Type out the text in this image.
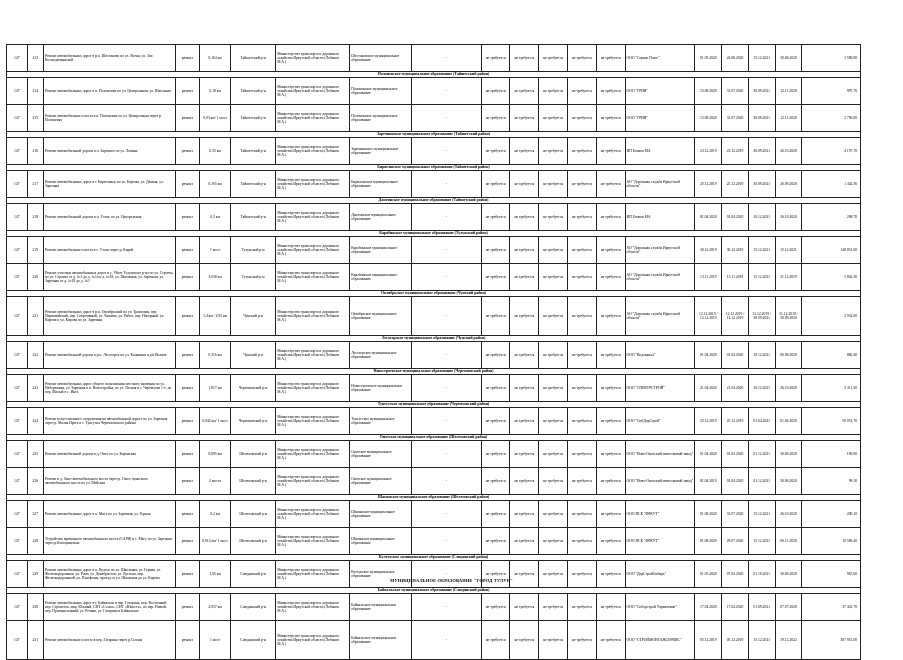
147	213	Ремонт автомобильных дорог в р.п. Шестаково по ул. Ясеня, ул. Зои Космодемьянской	ремонт	0,164 км	Тайшетский р-н	Министерство транспорта и дорожного хозяйства Иркутской области (Лобанов М.А.)	Шестаковское муниципальное образование	-	не требуется	не требуется	не требуется	не требуется	не требуется	ООО "Сервис Плюс"	01.05.2020	24.06.2020	15.12.2021	30.06.2020	1 590,00
Полоненское муниципальное образование (Тайшетский район)																			
147	214	Ремонт автомобильных дорог в п. Полонение по ул. Центральная, ул. Школьная	ремонт	0,18 км	Тайшетский р-н	Министерство транспорта и дорожного хозяйства Иркутской области (Лобанов М.А.)	Полоненское муниципальное образование	-	не требуется	не требуется	не требуется	не требуется	не требуется	ООО "ГРИН"	15.08.2020	31.07.2020	30.09.2021	12.11.2020	997,76
147	215	Ремонт автомобильного моста в п. Полонение по ул. Центральная через р. Полоненку	ремонт	0,03 км/ 1 мост	Тайшетский р-н	Министерство транспорта и дорожного хозяйства Иркутской области (Лобанов М.А.)	Полоненское муниципальное образование	-	не требуется	не требуется	не требуется	не требуется	не требуется	ООО "ГРИН"	15.08.2020	31.07.2020	30.09.2021	12.11.2020	2 750,00
Заречнинское муниципальное образование (Тайшетский район)																			
147	216	Ремонт автомобильной дороги в п. Заречное по ул. Ленина	ремонт	0,35 км	Тайшетский р-н	Министерство транспорта и дорожного хозяйства Иркутской области (Лобанов М.А.)	Заречнинское муниципальное образование	-	не требуется	не требуется	не требуется	не требуется	не требуется	ИП Бочков МА	23.12.2019	23.12.2019	30.09.2021	26.10.2020	4 197,70
Бирюсинское муниципальное образование (Тайшетский район)																			
147	217	Ремонт автомобильных дорог в г. Бирюсинск по ул. Березка, ул. Дачная, ул. Заречная	ремонт	0,165 км	Тайшетский р-н	Министерство транспорта и дорожного хозяйства Иркутской области (Лобанов М.А.)	Бирюсинское муниципальное образование	-	не требуется	не требуется	не требуется	не требуется	не требуется	АО "Дорожная служба Иркутской области"	25.12.2019	25.12.2019	30.09.2021	26.09.2020	1 442,56
Джогинское муниципальное образование (Тайшетский район)																			
147	218	Ремонт автомобильной дороги в п. Утонг по ул. Центральная	ремонт	0,3 км	Тайшетский р-н	Министерство транспорта и дорожного хозяйства Иркутской области (Лобанов М.А.)	Джогинское муниципальное образование	-	не требуется	не требуется	не требуется	не требуется	не требуется	ИП Бочков МА	01.04.2020	01.04.2020	10.12.2021	26.10.2020	298,70
Карабинское муниципальное образование (Тулунский район)																			
147	219	Ремонт автомобильного моста в с. Утонг через р. Кирей	ремонт	1 мост	Тулунский р-н	Министерство транспорта и дорожного хозяйства Иркутской области (Лобанов М.А.)	Карабинское муниципальное образование	-	не требуется	не требуется	не требуется	не требуется	не требуется	АО "Дорожная служба Иркутской области"	30.12.2019	30.12.2019	15.12.2021	15.12.2021	148 851,00
147	220	Ремонт участков автомобильных дорог в с. Уйгат Тулунского р-на по ул. Строека, по ул. Строека от д. №1 до д. №1а и д. №18, ул. Школьная, ул. Заречная, ул. Заречная от д. №18 до д. №1	ремонт	3,038 км	Тулунский р-н	Министерство транспорта и дорожного хозяйства Иркутской области (Лобанов М.А.)	Карабинское муниципальное образование	-	не требуется	не требуется	не требуется	не требуется	не требуется	АО "Дорожная служба Иркутской области"	13.11.2019	13.11.2019	15.12.2021	31.12.2019	5 842,30
Октябрьское муниципальное образование (Чунский район)																			
147	221	Ремонт автомобильных дорог в р.п. Октябрьский по ул. Трактовая, пер. Первомайский, пер. Спортивный, ул. Чапаева, ул. Рабоч, пер. Нагорный, ул. Кирова и ул. Кирова по ул. Заречная	ремонт	1,4 км / 4,95 км	Чунский р-н	Министерство транспорта и дорожного хозяйства Иркутской области (Лобанов М.А.)	Октябрьское муниципальное образование	-	не требуется	не требуется	не требуется	не требуется	не требуется	АО "Дорожная служба Иркутской области"	12.12.2019 / 12.12.2019	12.12.2019 / 12.12.2019	31.12.2019 / 30.09.2021	31.12.2019 / 30.09.2020	2 932,00
Лесогорское муниципальное образование (Чунский район)																			
147	222	Ремонт автомобильной дороги в р.п. Лесогорск по ул. Калинина в д/в Волков	ремонт	0,316 км	Чунский р-н	Министерство транспорта и дорожного хозяйства Иркутской области (Лобанов М.А.)	Лесогорское муниципальное образование	-	не требуется	не требуется	не требуется	не требуется	не требуется	ООО "Водоканал"	01.04.2020	01.04.2020	10.12.2021	06.08.2020	860,40
Новостроевское муниципальное образование (Черемховский район)																			
147	223	Ремонт автомобильных дорог общего пользования местного значения по ул. Набережная, ул. Заречная в п. Новостройка, по ул. Лесная в с. Черемхова 1-е, по пер. Малый в с. Инга	ремонт	1,817 км	Черемховский р-н	Министерство транспорта и дорожного хозяйства Иркутской области (Лобанов М.А.)	Новостроевское муниципальное образование	-	не требуется	не требуется	не требуется	не требуется	не требуется	ООО "СПЕКТРСТРОЙ"	21.04.2020	21.04.2020	10.12.2021	26.10.2020	5 311,30
Тунгусское муниципальное образование (Черемховский район)																			
147	224	Ремонт искусственного сооружения на автомобильной дороге по ул. Заречная через р. Малая Ирега в с. Тунгуска Черемховского района	ремонт	0,042 км/ 1 мост	Черемховский р-н	Министерство транспорта и дорожного хозяйства Иркутской области (Лобанов М.А.)	Тунгусское муниципальное образование	-	не требуется	не требуется	не требуется	не требуется	не требуется	ООО "СибДорСтрой"	25.12.2019	25.12.2019	01.04.2021	01.04.2020	50 051,70
Онотское муниципальное образование (Шелеховский район)																			
147	225	Ремонт автомобильной дороги в д. Онот по ул. Кармаская	ремонт	0,095 км	Шелеховский р-н	Министерство транспорта и дорожного хозяйства Иркутской области (Лобанов М.А.)	Онотское муниципальное образование	-	не требуется	не требуется	не требуется	не требуется	не требуется	ООО "Ново-Онотский известковый завод"	01.04.2020	01.04.2020	01.12.2021	30.06.2020	169,00
147	226	Ремонт в д. Онот автомобильного моста через р. Онот, пунктного автомобильного моста по ул. Мейская	ремонт	2 моста	Шелеховский р-н	Министерство транспорта и дорожного хозяйства Иркутской области (Лобанов М.А.)	Онотское муниципальное образование	-	не требуется	не требуется	не требуется	не требуется	не требуется	ООО "Ново-Онотский известковый завод"	01.04.2019	01.04.2020	01.12.2021	30.06.2020	99,10
Шаманское муниципальное образование (Шелеховский район)																			
147	227	Ремонт автомобильных дорог в п. Мягу по ул. Заречная, ул. Горная	ремонт	0,2 км	Шелеховский р-н	Министерство транспорта и дорожного хозяйства Иркутской области (Лобанов М.А.)	Шаманское муниципальное образование	-	не требуется	не требуется	не требуется	не требуется	не требуется	ООО ПСК "ФРКУТ"	01.08.2020	31.07.2020	15.12.2021	26.10.2020	200,10
147	228	Устройство временного автомобильного моста (САРИ) в с. Мягу по ул. Заречная через р.Китоцинелька	ремонт	0,012 км/ 1 мост	Шелеховский р-н	Министерство транспорта и дорожного хозяйства Иркутской области (Лобанов М.А.)	Шаманское муниципальное образование	-	не требуется	не требуется	не требуется	не требуется	не требуется	ООО ПСК "ФРКУТ"	01.08.2020	29.07.2020	15.12.2021	06.11.2020	10 569,20
Култукское муниципальное образование (Слюдянский район)																			
147	229	Ремонт автомобильных дорог в п. Култук по ул. Школьная, ул. Горная, ул. Железнодорожная, ул. Рома, ул. Декабристов, ул. Лугтыш, пер. Железнодорожный, ул. Платфоны, проезд от ул. Школьная до ул. Кирова	ремонт	1,05 км	Слюдянский р-н	Министерство транспорта и дорожного хозяйства Иркутской области (Лобанов М.А.)	Култукское муниципальное образование	-	не требуется	не требуется	не требуется	не требуется	не требуется	ООО "ДорСтройСибирь"	01.05.2020	07.04.2020	01.10.2021	30.06.2020	967,60
Байкальское муниципальное образование (Слюдянский район)																			
147	230	Ремонт автомобильных дорог в г. Байкальск в пер. Гагарина, пер. Восточный, пер. Строитель, мкр. Южный, СНТ «Сосна», СНТ «Юность», по пер. Новый, пер. Промышленный, ул. Речная, ул. Гагарина в Байкальске	ремонт	2,937 км	Слюдянский р-н	Министерство транспорта и дорожного хозяйства Иркутской области (Лобанов М.А.)	Байкальское муниципальное образование	-	не требуется	не требуется	не требуется	не требуется	не требуется	ООО "Соборстрой Управление"	17.04.2020	17.04.2020	01.09.2021	07.07.2020	37 441,70
147	231	Ремонт автомобильного моста в пер. Гагарина через р.Солзан	ремонт	1 мост	Слюдянский р-н	Министерство транспорта и дорожного хозяйства Иркутской области (Лобанов М.А.)	Байкальское муниципальное образование	-	не требуется	не требуется	не требуется	не требуется	не требуется	ООО "СТРОЙМОНТАЖСЕРВИС"	05.12.2019	05.12.2019	15.12.2021	19.12.2022	387 951,00
МУНИЦИПАЛЬНОЕ ОБРАЗОВАНИЕ "ГОРОД ТУЛУН"
